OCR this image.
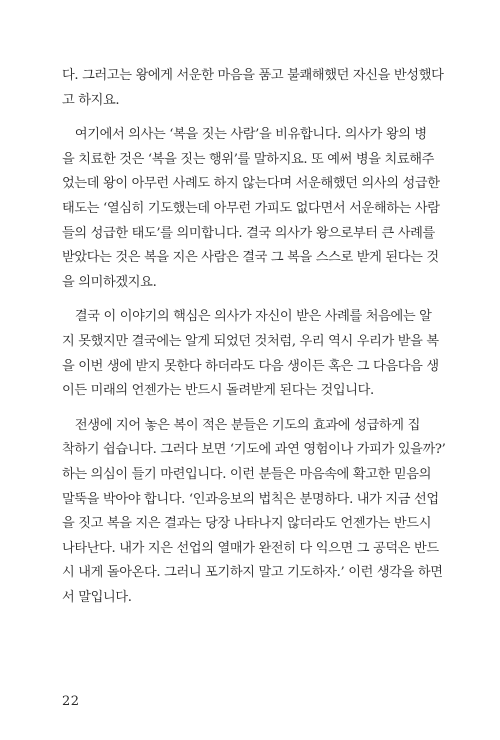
다. 그러고는 왕에게 서운한 마음을 품고 불쾌해했던 자신을 반성했다
고 하지요.
　여기에서 의사는 ‘복을 짓는 사람’을 비유합니다. 의사가 왕의 병
을 치료한 것은 ‘복을 짓는 행위’를 말하지요. 또 예써 병을 치료해주
었는데 왕이 아무런 사례도 하지 않는다며 서운해했던 의사의 성급한
태도는 ‘열심히 기도했는데 아무런 가피도 없다면서 서운해하는 사람
들의 성급한 태도’를 의미합니다. 결국 의사가 왕으로부터 큰 사례를
받았다는 것은 복을 지은 사람은 결국 그 복을 스스로 받게 된다는 것
을 의미하겠지요.
　결국 이 이야기의 핵심은 의사가 자신이 받은 사례를 처음에는 알
지 못했지만 결국에는 알게 되었던 것처럼, 우리 역시 우리가 받을 복
을 이번 생에 받지 못한다 하더라도 다음 생이든 혹은 그 다음다음 생
이든 미래의 언젠가는 반드시 돌려받게 된다는 것입니다.
　전생에 지어 놓은 복이 적은 분들은 기도의 효과에 성급하게 집
착하기 쉽습니다. 그러다 보면 ‘기도에 과연 영험이나 가피가 있을까?’
하는 의심이 들기 마련입니다. 이런 분들은 마음속에 확고한 믿음의
말뚝을 박아야 합니다. ‘인과응보의 법칙은 분명하다. 내가 지금 선업
을 짓고 복을 지은 결과는 당장 나타나지 않더라도 언젠가는 반드시
나타난다. 내가 지은 선업의 열매가 완전히 다 익으면 그 공덕은 반드
시 내게 돌아온다. 그러니 포기하지 말고 기도하자.’ 이런 생각을 하면
서 말입니다.
22
